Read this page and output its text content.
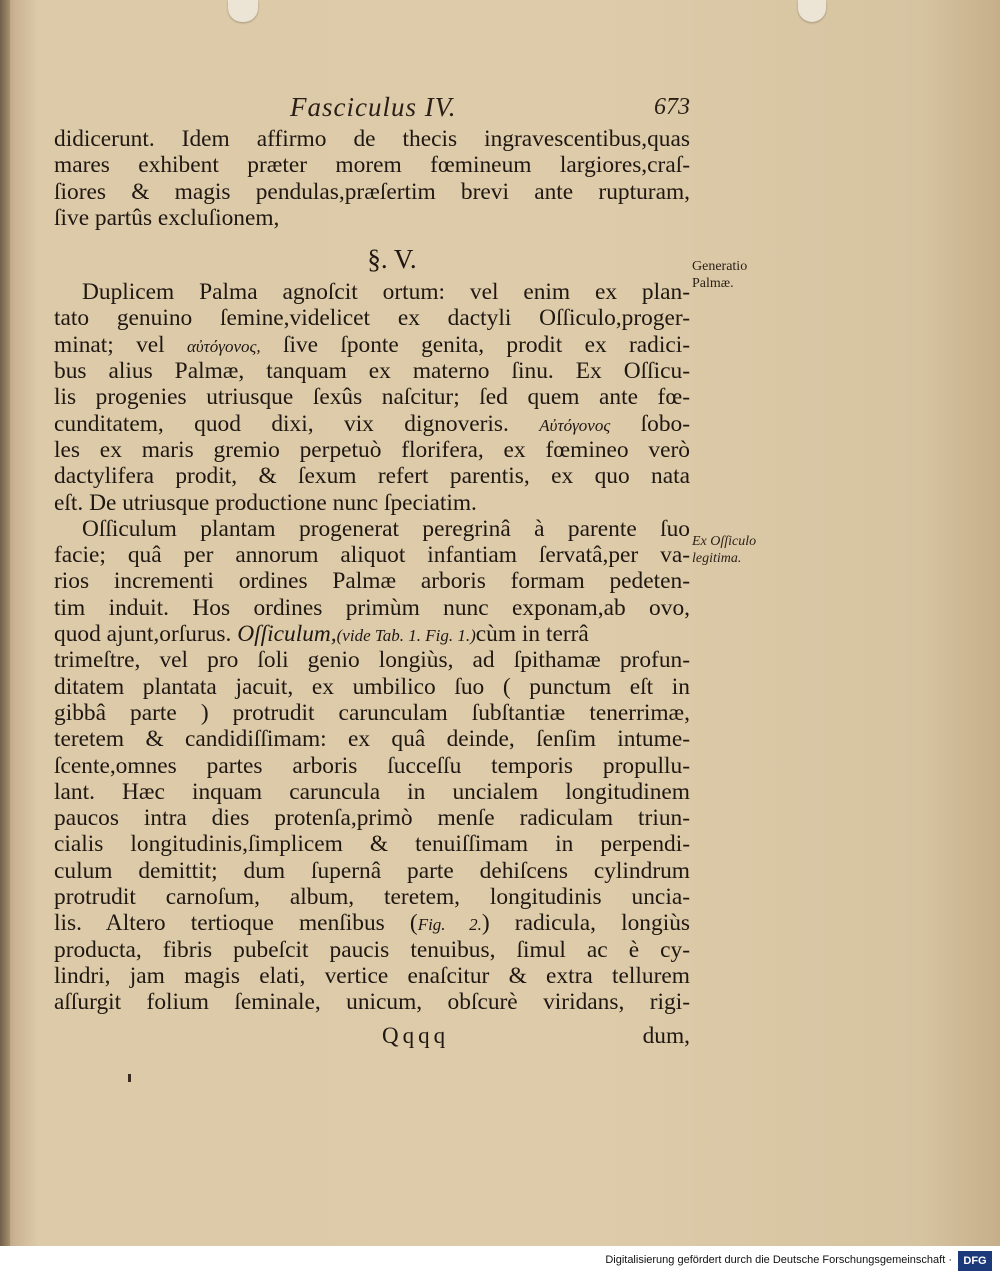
Fasciculus IV.	673
didicerunt. Idem affirmo de thecis ingravescentibus,quas
mares exhibent præter morem fœmineum largiores,craſ-
ſiores & magis pendulas,præſertim brevi ante rupturam,
ſive partûs excluſionem,
§. V.
Duplicem Palma agnoſcit ortum: vel enim ex plan-
tato genuino ſemine,videlicet ex dactyli Oſſiculo,proger-
minat; vel αὐτόγονος, ſive ſponte genita, prodit ex radici-
bus alius Palmæ, tanquam ex materno ſinu. Ex Oſſicu-
lis progenies utriusque ſexûs naſcitur; ſed quem ante fœ-
cunditatem, quod dixi, vix dignoveris. Αὐτόγονος ſobo-
les ex maris gremio perpetuò florifera, ex fœmineo verò
dactylifera prodit, & ſexum refert parentis, ex quo nata
eſt. De utriusque productione nunc ſpeciatim.
Oſſiculum plantam progenerat peregrinâ à parente ſuo
facie; quâ per annorum aliquot infantiam ſervatâ,per va-
rios incrementi ordines Palmæ arboris formam pedeten-
tim induit. Hos ordines primùm nunc exponam,ab ovo,
quod ajunt,orſurus. Oſſiculum,(vide Tab. 1. Fig. 1.)cùm in terrâ
trimeſtre, vel pro ſoli genio longiùs, ad ſpithamæ profun-
ditatem plantata jacuit, ex umbilico ſuo ( punctum eſt in
gibbâ parte ) protrudit carunculam ſubſtantiæ tenerrimæ,
teretem & candidiſſimam: ex quâ deinde, ſenſim intume-
ſcente,omnes partes arboris ſucceſſu temporis propullu-
lant. Hæc inquam caruncula in uncialem longitudinem
paucos intra dies protenſa,primò menſe radiculam triun-
cialis longitudinis,ſimplicem & tenuiſſimam in perpendi-
culum demittit; dum ſupernâ parte dehiſcens cylindrum
protrudit carnoſum, album, teretem, longitudinis uncia-
lis. Altero tertioque menſibus (Fig. 2.) radicula, longiùs
producta, fibris pubeſcit paucis tenuibus, ſimul ac è cy-
lindri, jam magis elati, vertice enaſcitur & extra tellurem
aſſurgit folium ſeminale, unicum, obſcurè viridans, rigi-
Qqqq	dum,
Generatio
Palmæ.
Ex Oſſiculo
legitima.
Digitalisierung gefördert durch die Deutsche Forschungsgemeinschaft ·	DFG
